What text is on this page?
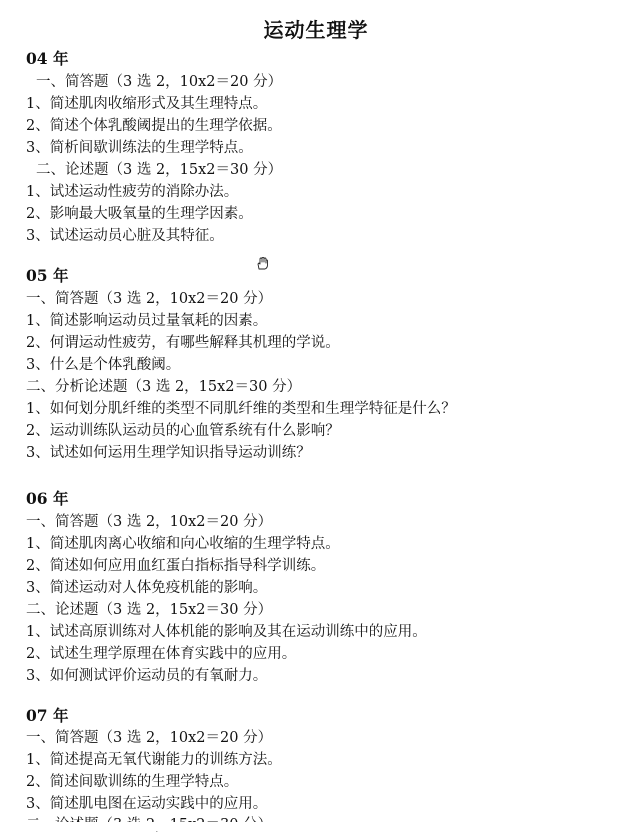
运动生理学
04 年
一、简答题（3 选 2，10x2＝20 分）
1、简述肌肉收缩形式及其生理特点。
2、简述个体乳酸阈提出的生理学依据。
3、简析间歇训练法的生理学特点。
二、论述题（3 选 2，15x2＝30 分）
1、试述运动性疲劳的消除办法。
2、影响最大吸氧量的生理学因素。
3、试述运动员心脏及其特征。
05 年
一、简答题（3 选 2，10x2＝20 分）
1、简述影响运动员过量氧耗的因素。
2、何谓运动性疲劳，有哪些解释其机理的学说。
3、什么是个体乳酸阈。
二、分析论述题（3 选 2，15x2＝30 分）
1、如何划分肌纤维的类型不同肌纤维的类型和生理学特征是什么？
2、运动训练队运动员的心血管系统有什么影响？
3、试述如何运用生理学知识指导运动训练？
06 年
一、简答题（3 选 2，10x2＝20 分）
1、简述肌肉离心收缩和向心收缩的生理学特点。
2、简述如何应用血红蛋白指标指导科学训练。
3、简述运动对人体免疫机能的影响。
二、论述题（3 选 2，15x2＝30 分）
1、试述高原训练对人体机能的影响及其在运动训练中的应用。
2、试述生理学原理在体育实践中的应用。
3、如何测试评价运动员的有氧耐力。
07 年
一、简答题（3 选 2，10x2＝20 分）
1、简述提高无氧代谢能力的训练方法。
2、简述间歇训练的生理学特点。
3、简述肌电图在运动实践中的应用。
